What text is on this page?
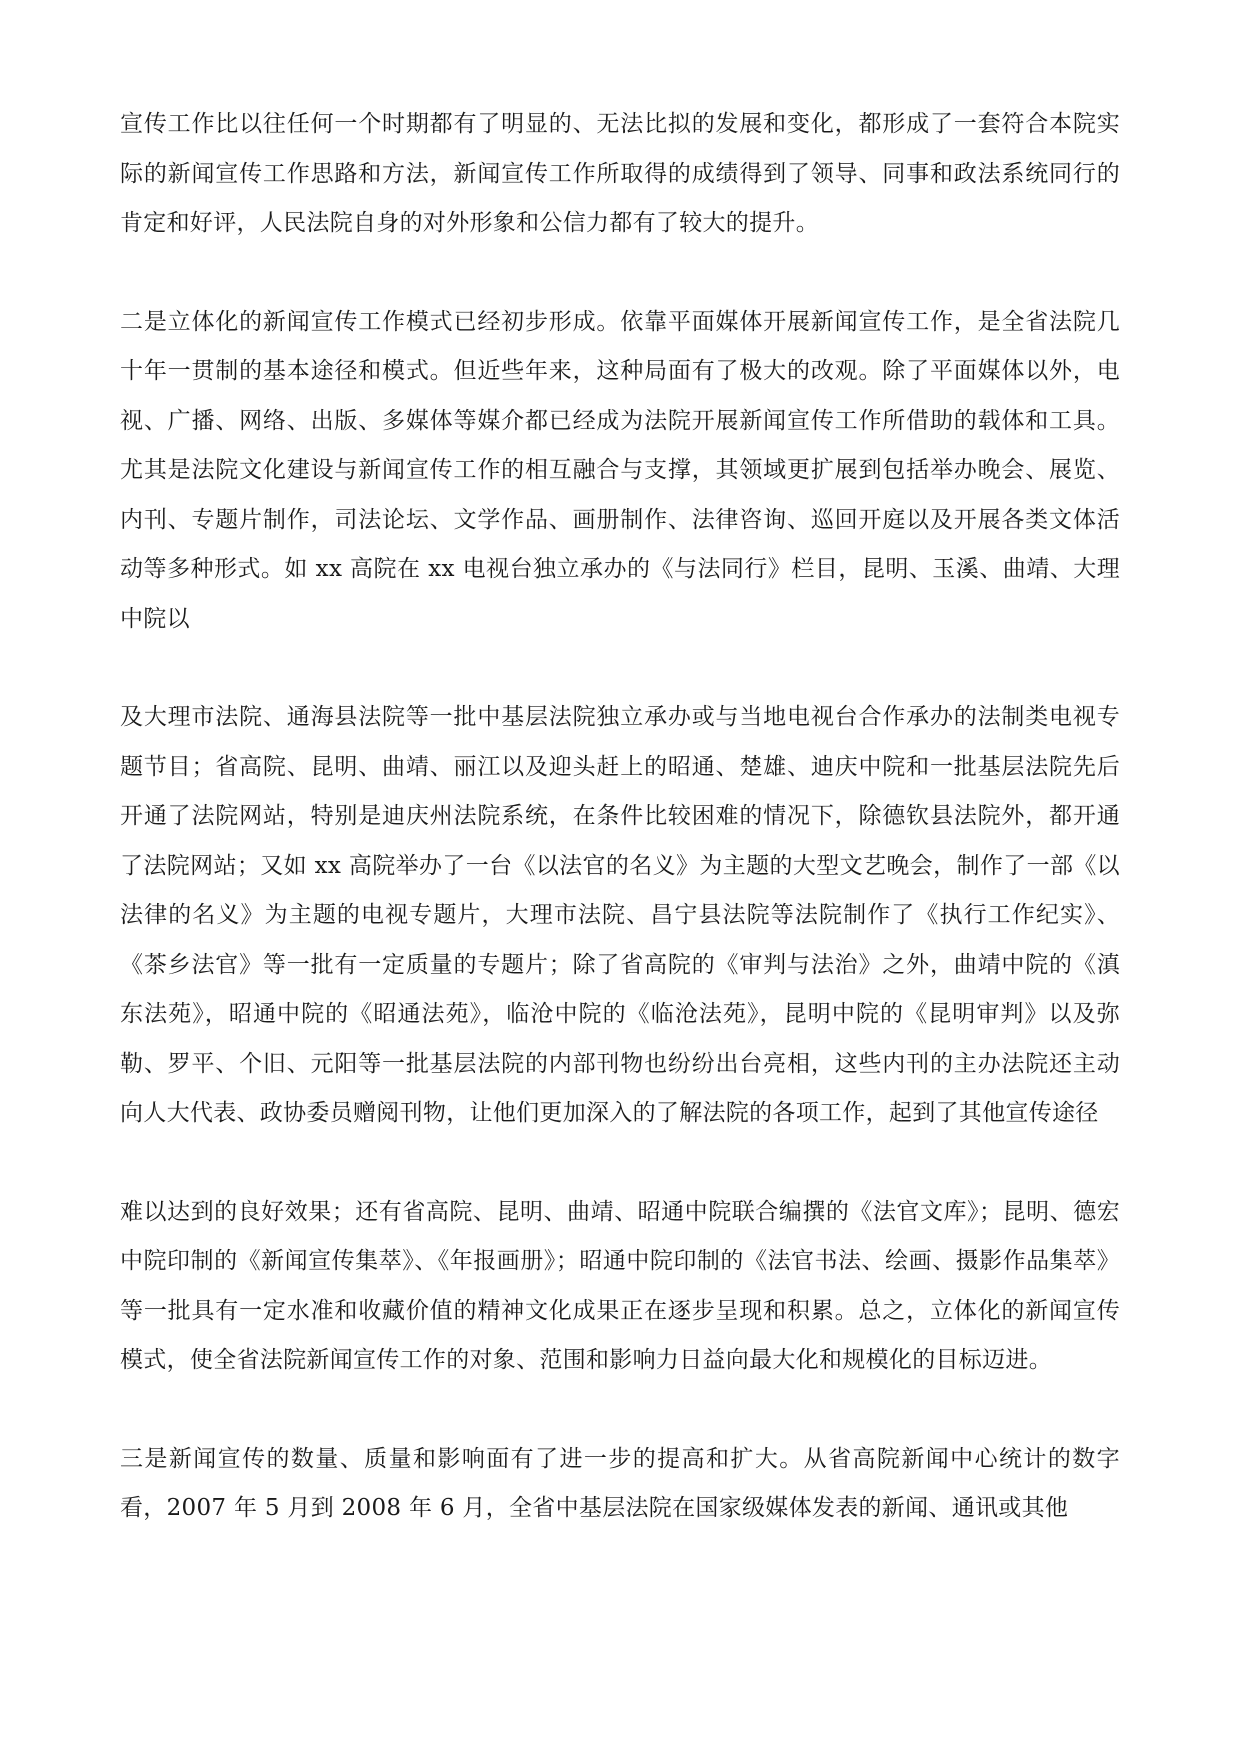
宣传工作比以往任何一个时期都有了明显的、无法比拟的发展和变化，都形成了一套符合本院实际的新闻宣传工作思路和方法，新闻宣传工作所取得的成绩得到了领导、同事和政法系统同行的肯定和好评，人民法院自身的对外形象和公信力都有了较大的提升。

二是立体化的新闻宣传工作模式已经初步形成。依靠平面媒体开展新闻宣传工作，是全省法院几十年一贯制的基本途径和模式。但近些年来，这种局面有了极大的改观。除了平面媒体以外，电视、广播、网络、出版、多媒体等媒介都已经成为法院开展新闻宣传工作所借助的载体和工具。尤其是法院文化建设与新闻宣传工作的相互融合与支撑，其领域更扩展到包括举办晚会、展览、内刊、专题片制作，司法论坛、文学作品、画册制作、法律咨询、巡回开庭以及开展各类文体活动等多种形式。如 xx 高院在 xx 电视台独立承办的《与法同行》栏目，昆明、玉溪、曲靖、大理中院以

及大理市法院、通海县法院等一批中基层法院独立承办或与当地电视台合作承办的法制类电视专题节目；省高院、昆明、曲靖、丽江以及迎头赶上的昭通、楚雄、迪庆中院和一批基层法院先后开通了法院网站，特别是迪庆州法院系统，在条件比较困难的情况下，除德钦县法院外，都开通了法院网站；又如 xx 高院举办了一台《以法官的名义》为主题的大型文艺晚会，制作了一部《以法律的名义》为主题的电视专题片，大理市法院、昌宁县法院等法院制作了《执行工作纪实》、《茶乡法官》等一批有一定质量的专题片；除了省高院的《审判与法治》之外，曲靖中院的《滇东法苑》，昭通中院的《昭通法苑》，临沧中院的《临沧法苑》，昆明中院的《昆明审判》以及弥勒、罗平、个旧、元阳等一批基层法院的内部刊物也纷纷出台亮相，这些内刊的主办法院还主动向人大代表、政协委员赠阅刊物，让他们更加深入的了解法院的各项工作，起到了其他宣传途径

难以达到的良好效果；还有省高院、昆明、曲靖、昭通中院联合编撰的《法官文库》；昆明、德宏中院印制的《新闻宣传集萃》、《年报画册》；昭通中院印制的《法官书法、绘画、摄影作品集萃》等一批具有一定水准和收藏价值的精神文化成果正在逐步呈现和积累。总之，立体化的新闻宣传模式，使全省法院新闻宣传工作的对象、范围和影响力日益向最大化和规模化的目标迈进。

三是新闻宣传的数量、质量和影响面有了进一步的提高和扩大。从省高院新闻中心统计的数字看，2007 年 5 月到 2008 年 6 月，全省中基层法院在国家级媒体发表的新闻、通讯或其他
